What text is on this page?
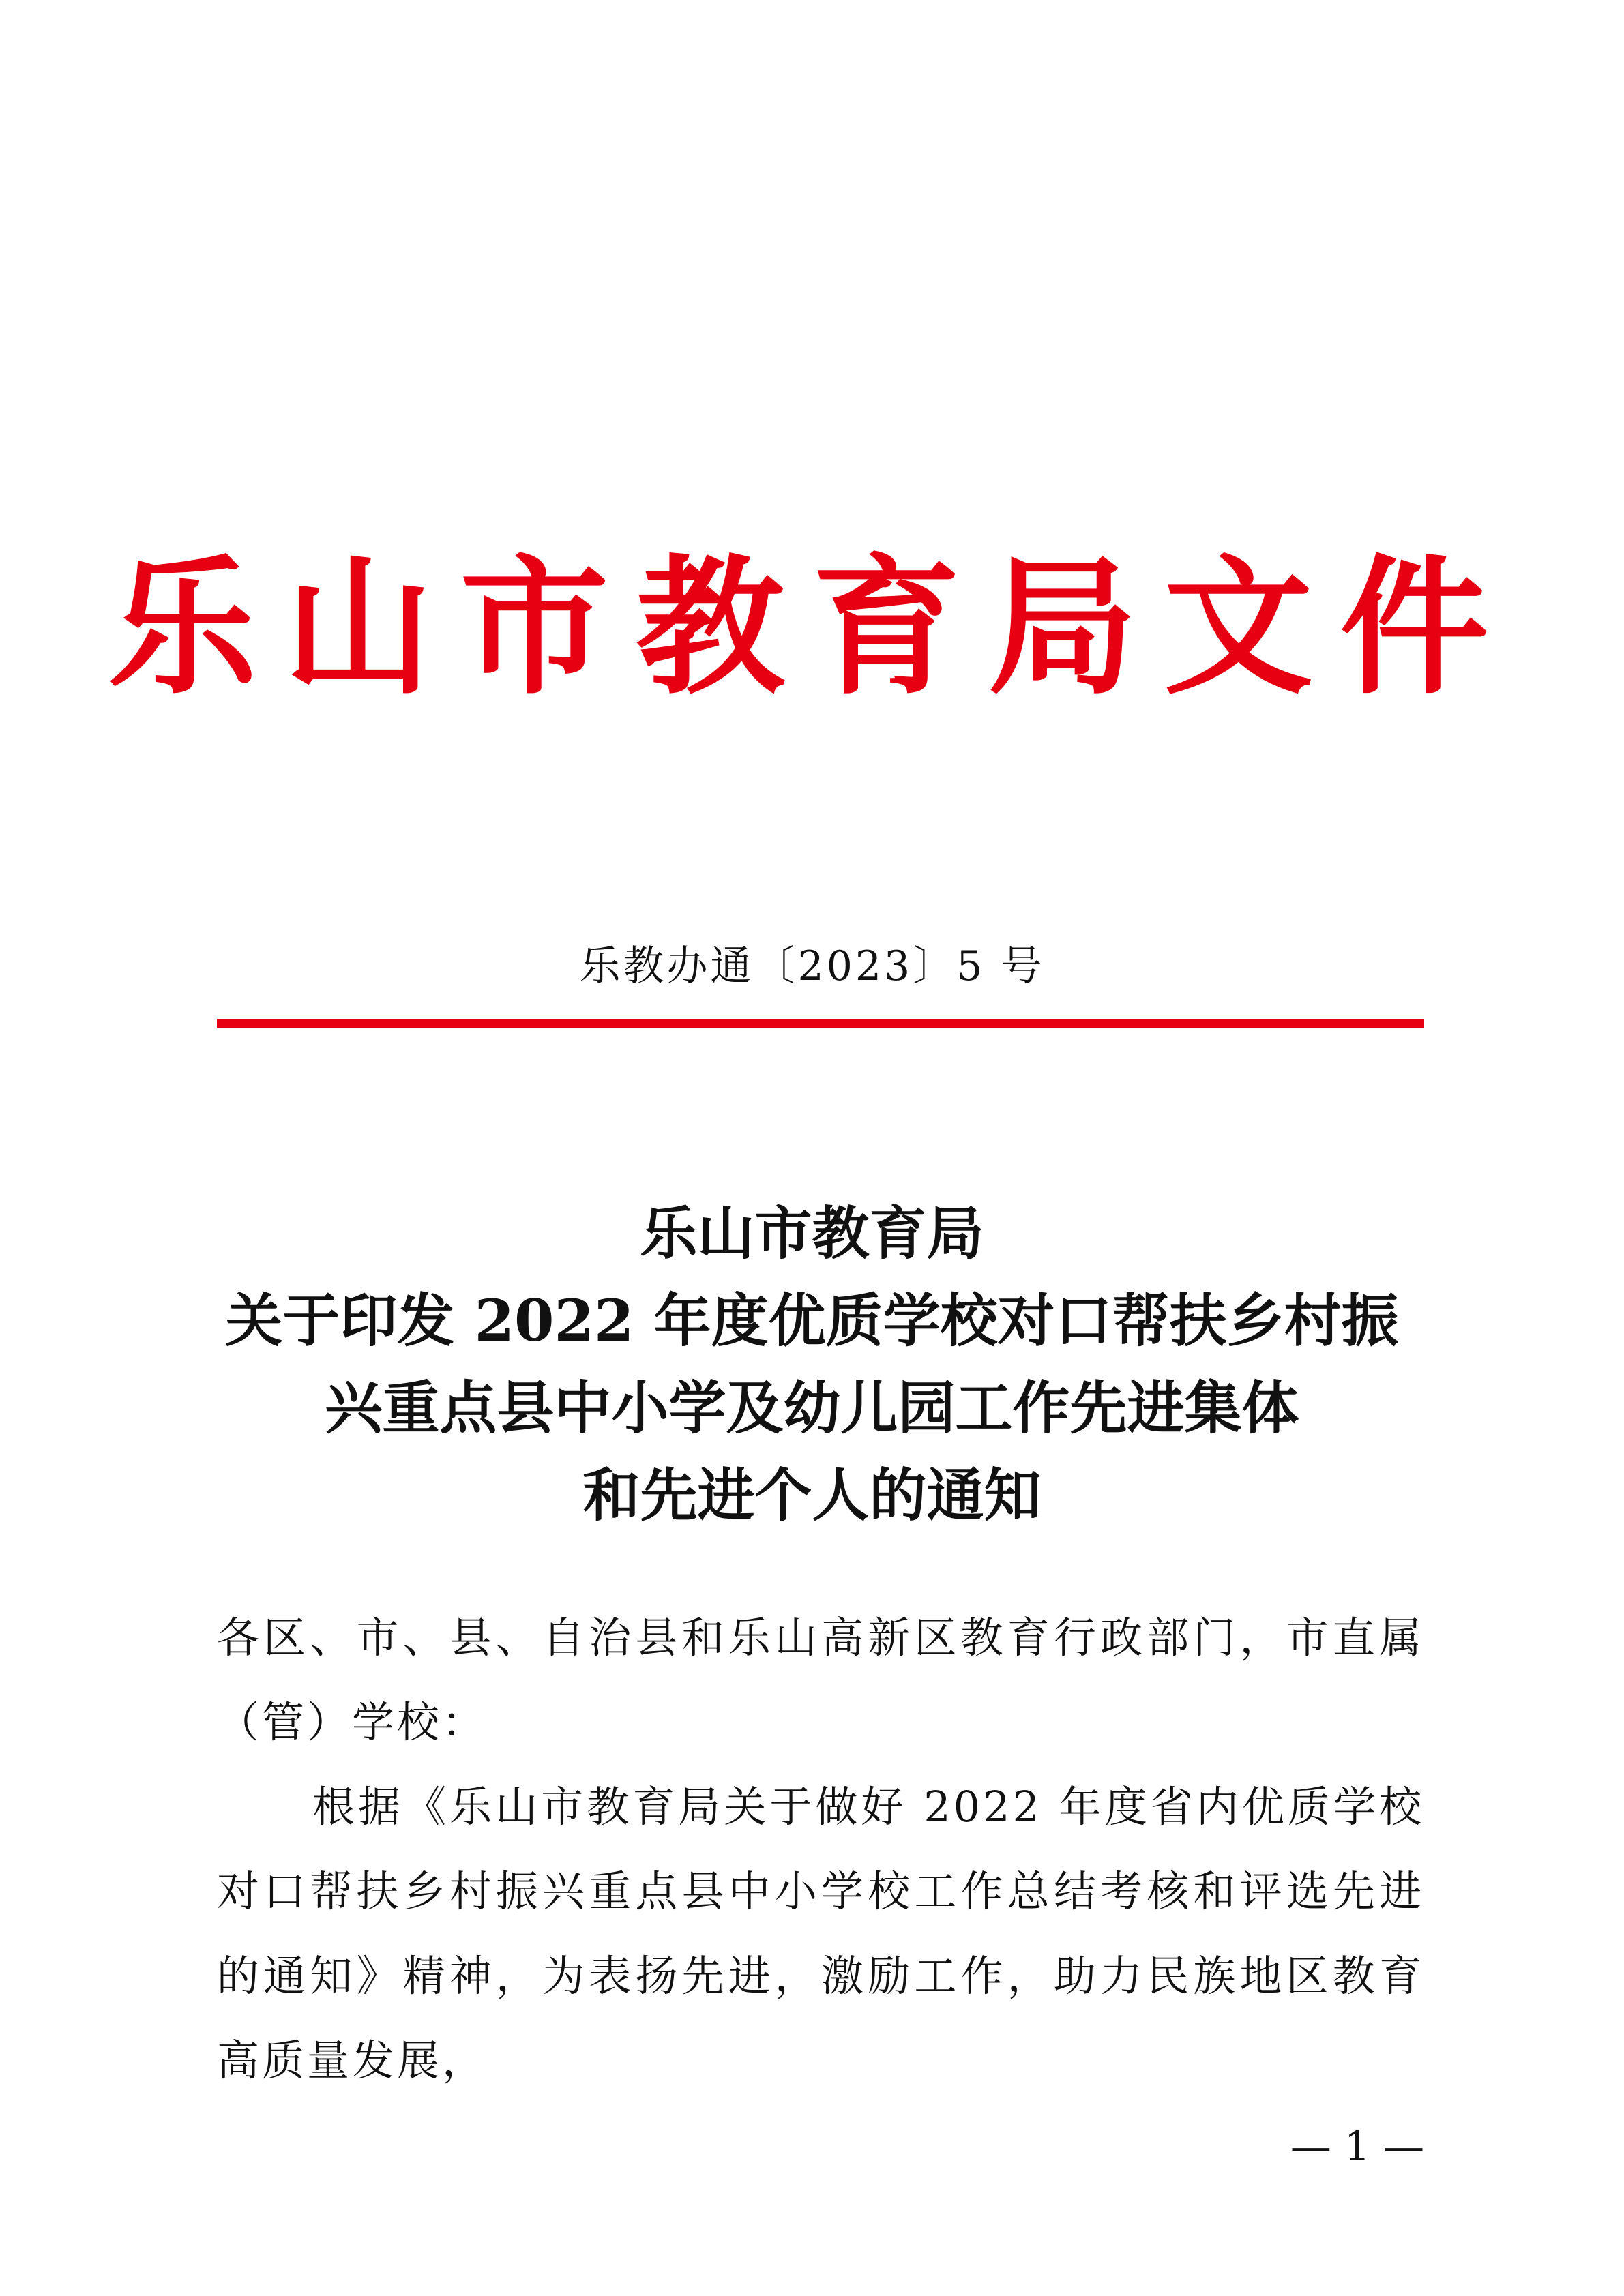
乐山市教育局文件
乐教办通〔2023〕5 号
乐山市教育局
关于印发 2022 年度优质学校对口帮扶乡村振
兴重点县中小学及幼儿园工作先进集体
和先进个人的通知
各区、市、县、自治县和乐山高新区教育行政部门，市直属（管）学校：
根据《乐山市教育局关于做好 2022 年度省内优质学校对口帮扶乡村振兴重点县中小学校工作总结考核和评选先进的通知》精神，为表扬先进，激励工作，助力民族地区教育高质量发展，
— 1 —
